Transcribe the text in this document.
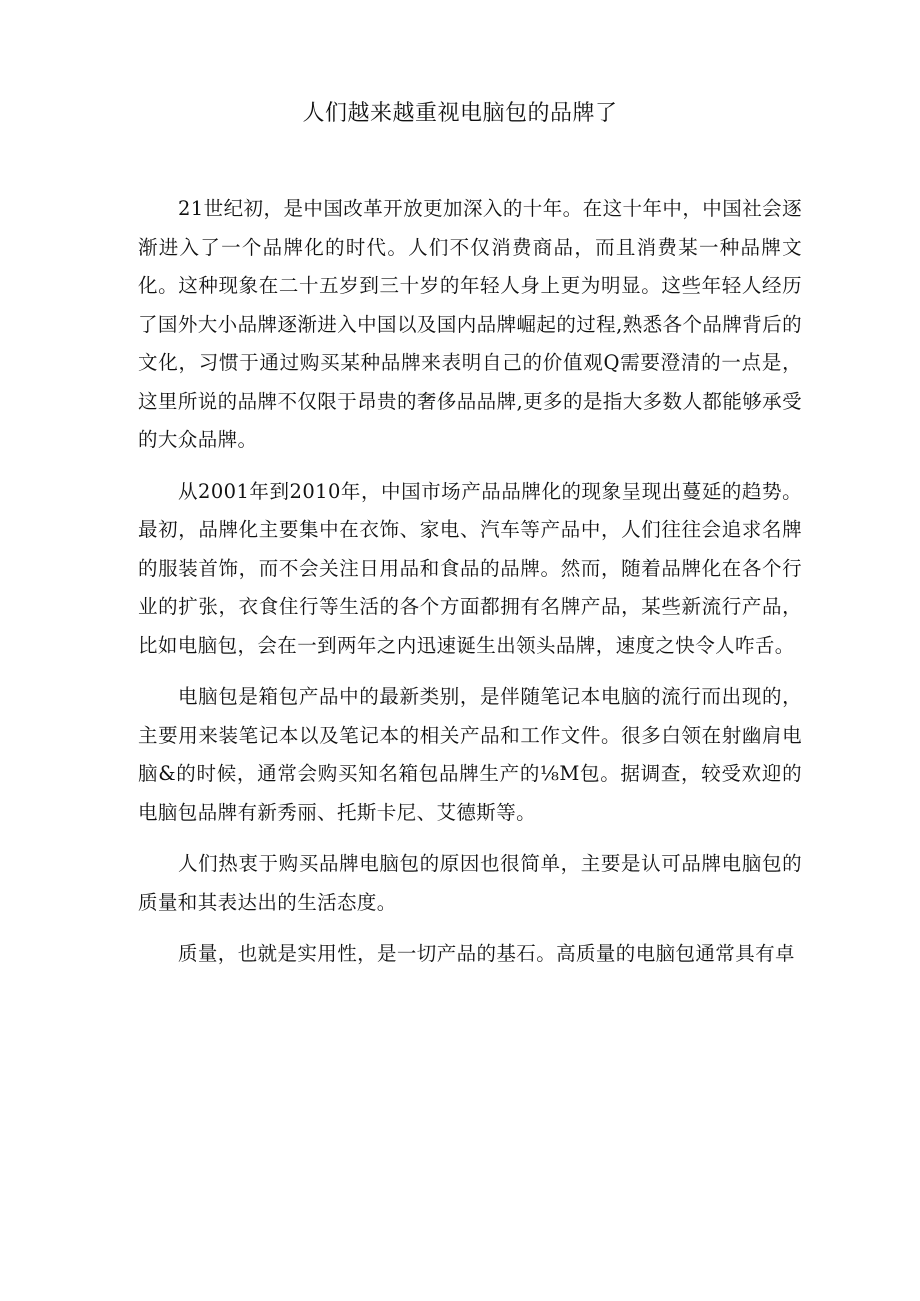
人们越来越重视电脑包的品牌了

21世纪初，是中国改革开放更加深入的十年。在这十年中，中国社会逐渐进入了一个品牌化的时代。人们不仅消费商品，而且消费某一种品牌文化。这种现象在二十五岁到三十岁的年轻人身上更为明显。这些年轻人经历了国外大小品牌逐渐进入中国以及国内品牌崛起的过程,熟悉各个品牌背后的文化，习惯于通过购买某种品牌来表明自己的价值观Q需要澄清的一点是，这里所说的品牌不仅限于昂贵的奢侈品品牌,更多的是指大多数人都能够承受的大众品牌。

从2001年到2010年，中国市场产品品牌化的现象呈现出蔓延的趋势。最初，品牌化主要集中在衣饰、家电、汽车等产品中，人们往往会追求名牌的服装首饰，而不会关注日用品和食品的品牌。然而，随着品牌化在各个行业的扩张，衣食住行等生活的各个方面都拥有名牌产品，某些新流行产品，比如电脑包，会在一到两年之内迅速诞生出领头品牌，速度之快令人咋舌。

电脑包是箱包产品中的最新类别，是伴随笔记本电脑的流行而出现的，主要用来装笔记本以及笔记本的相关产品和工作文件。很多白领在射幽肩电脑&的时候，通常会购买知名箱包品牌生产的⅛M包。据调查，较受欢迎的电脑包品牌有新秀丽、托斯卡尼、艾德斯等。

人们热衷于购买品牌电脑包的原因也很简单，主要是认可品牌电脑包的质量和其表达出的生活态度。

质量，也就是实用性，是一切产品的基石。高质量的电脑包通常具有卓
